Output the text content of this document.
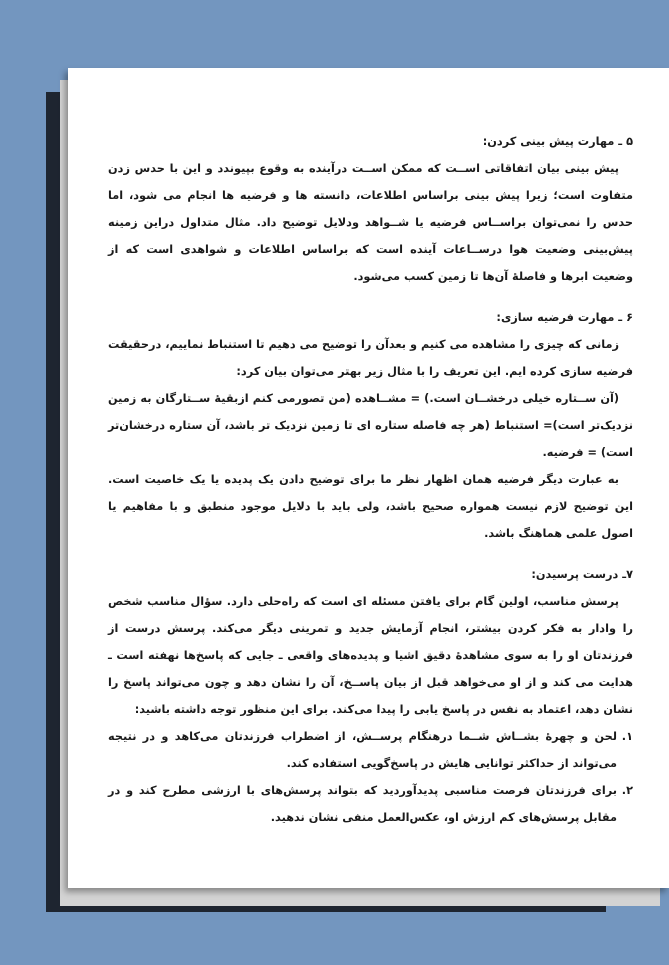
۵ ـ مهارت پیش بینی کردن:

پیش بینی بیان اتفاقاتی اســت که ممکن اســت درآینده به وقوع بپیوندد و این با حدس زدن متفاوت است؛ زیرا پیش بینی براساس اطلاعات، دانسته ها و فرضیه ها انجام می شود، اما حدس را نمی‌توان براســاس فرضیه یا شــواهد ودلایل توضیح داد. مثال متداول دراین زمینه پیش‌بینی وضعیت هوا درســاعات آینده است که براساس اطلاعات و شواهدی است که از وضعیت ابرها و فاصلهٔ آن‌ها تا زمین کسب می‌شود.

۶ ـ مهارت فرضیه سازی:

زمانی که چیزی را مشاهده می کنیم و بعدآن را توضیح می دهیم تا استنباط نماییم، درحقیقت فرضیه سازی کرده ایم. این تعریف را با مثال زیر بهتر می‌توان بیان کرد:

(آن ســتاره خیلی درخشــان است.) = مشــاهده (من تصورمی کنم ازبقیهٔ ســتارگان به زمین نزدیک‌تر است)= استنباط (هر چه فاصله ستاره ای تا زمین نزدیک تر باشد، آن ستاره درخشان‌تر است) = فرضیه.

به عبارت دیگر فرضیه همان اظهار نظر ما برای توضیح دادن یک پدیده یا یک خاصیت است. این توضیح لازم نیست همواره صحیح باشد، ولی باید با دلایل موجود منطبق و با مفاهیم یا اصول علمی هماهنگ باشد.

۷ـ درست پرسیدن:

پرسش مناسب، اولین گام برای یافتن مسئله ای است که راه‌حلی دارد. سؤال مناسب شخص را وادار به فکر کردن بیشتر، انجام آزمایش جدید و تمرینی دیگر می‌کند. پرسش درست از فرزندتان او را به سوی مشاهدهٔ دقیق اشیا و پدیده‌های واقعی ـ جایی که پاسخ‌ها نهفته است ـ هدایت می کند و از او می‌خواهد قبل از بیان پاســخ، آن را نشان دهد و چون می‌تواند پاسخ را نشان دهد، اعتماد به نفس در پاسخ یابی را پیدا می‌کند. برای این منظور توجه داشته باشید:

۱.
لحن و چهرهٔ بشــاش شــما درهنگام پرســش، از اضطراب فرزندتان می‌کاهد و در نتیجه می‌تواند از حداکثر توانایی هایش در پاسخ‌گویی استفاده کند.
۲.
برای فرزندتان فرصت مناسبی پدیدآوردید که بتواند پرسش‌های با ارزشی مطرح کند و در مقابل پرسش‌های کم ارزش او، عکس‌العمل منفی نشان ندهید.
